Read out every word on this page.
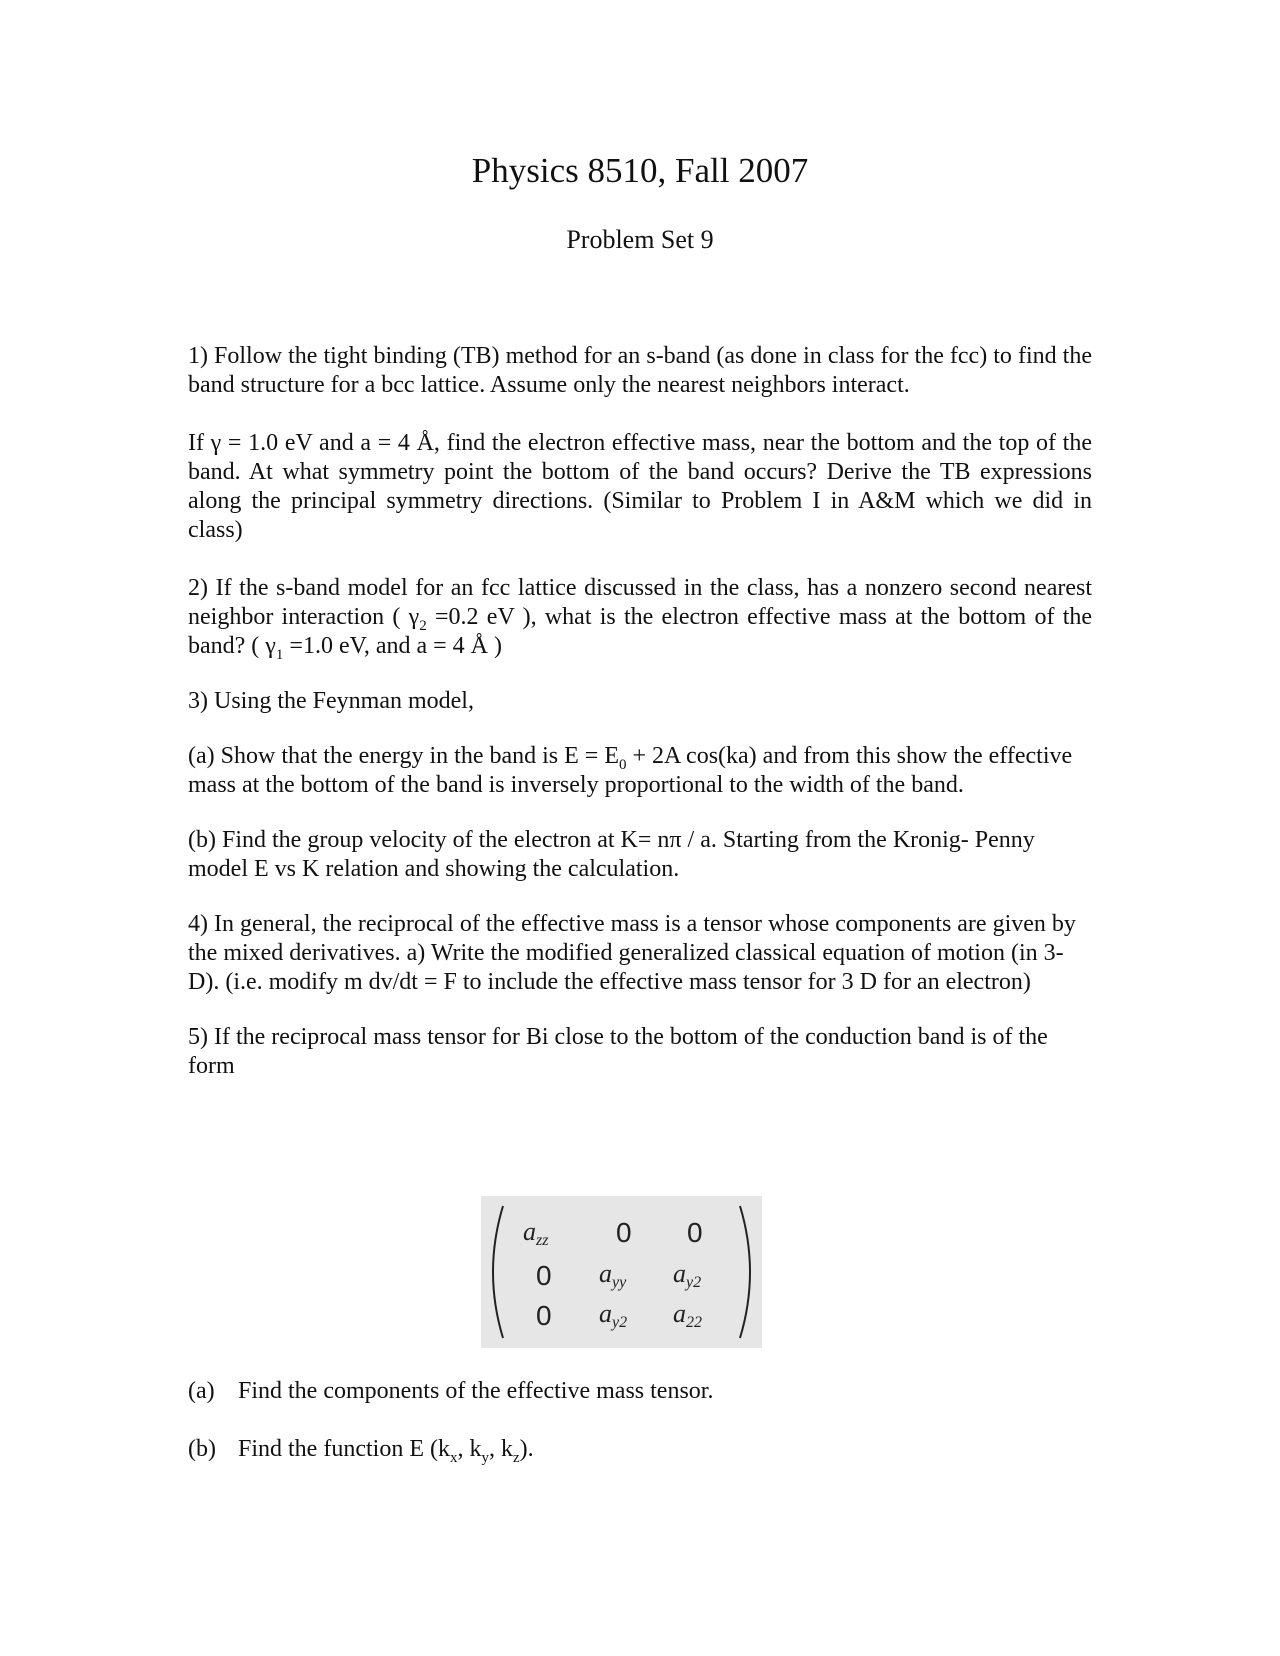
Physics 8510, Fall 2007
Problem Set 9

1) Follow the tight binding (TB) method for an s-band (as done in class for the fcc) to find the band structure for a bcc lattice. Assume only the nearest neighbors interact.

If γ = 1.0 eV and a = 4 Å, find the electron effective mass, near the bottom and the top of the band. At what symmetry point the bottom of the band occurs? Derive the TB expressions along the principal symmetry directions. (Similar to Problem I in A&M which we did in class)

2) If the s-band model for an fcc lattice discussed in the class, has a nonzero second nearest neighbor interaction ( $\gamma_2 =0.2$ eV ), what is the electron effective mass at the bottom of the band? ( $\gamma_1 =1.0$ eV, and a = 4 Å )

3) Using the Feynman model,

(a) Show that the energy in the band is $E = E_0 + 2A$ cos(ka) and from this show the effective mass at the bottom of the band is inversely proportional to the width of the band.

(b) Find the group velocity of the electron at K= nπ / a. Starting from the Kronig- Penny model E vs K relation and showing the calculation.

4) In general, the reciprocal of the effective mass is a tensor whose components are given by the mixed derivatives. a) Write the modified generalized classical equation of motion (in 3-D). (i.e. modify m dv/dt = F to include the effective mass tensor for 3 D for an electron)

5) If the reciprocal mass tensor for Bi close to the bottom of the conduction band is of the form

azz 0 0
0 ayy ay2
0 ay2 a22
(a) Find the components of the effective mass tensor.
(b) Find the function E ($k_x$, $k_y$, $k_z$).
